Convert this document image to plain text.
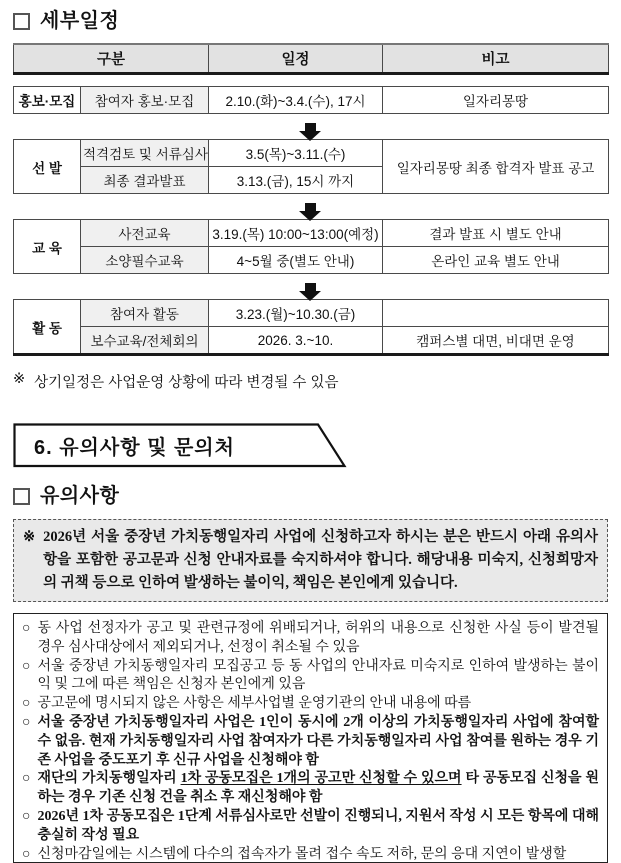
세부일정
구분	일정	비고
홍보·모집	참여자 홍보·모집	2.10.(화)~3.4.(수), 17시	일자리몽땅
선 발	적격검토 및 서류심사	3.5(목)~3.11.(수)	일자리몽땅 최종 합격자 발표 공고
	최종 결과발표	3.13.(금), 15시 까지	
교 육	사전교육	3.19.(목) 10:00~13:00(예정)	결과 발표 시 별도 안내
	소양필수교육	4~5월 중(별도 안내)	온라인 교육 별도 안내
활 동	참여자 활동	3.23.(월)~10.30.(금)	
	보수교육/전체회의	2026. 3.~10.	캠퍼스별 대면, 비대면 운영
※ 상기일정은 사업운영 상황에 따라 변경될 수 있음
6. 유의사항 및 문의처
유의사항
※ 2026년 서울 중장년 가치동행일자리 사업에 신청하고자 하시는 분은 반드시 아래 유의사항을 포함한 공고문과 신청 안내자료를 숙지하셔야 합니다. 해당내용 미숙지, 신청희망자의 귀책 등으로 인하여 발생하는 불이익, 책임은 본인에게 있습니다.
○ 동 사업 선정자가 공고 및 관련규정에 위배되거나, 허위의 내용으로 신청한 사실 등이 발견될 경우 심사대상에서 제외되거나, 선정이 취소될 수 있음
○ 서울 중장년 가치동행일자리 모집공고 등 동 사업의 안내자료 미숙지로 인하여 발생하는 불이익 및 그에 따른 책임은 신청자 본인에게 있음
○ 공고문에 명시되지 않은 사항은 세부사업별 운영기관의 안내 내용에 따름
○ 서울 중장년 가치동행일자리 사업은 1인이 동시에 2개 이상의 가치동행일자리 사업에 참여할 수 없음. 현재 가치동행일자리 사업 참여자가 다른 가치동행일자리 사업 참여를 원하는 경우 기존 사업을 중도포기 후 신규 사업을 신청해야 함
○ 재단의 가치동행일자리 1차 공동모집은 1개의 공고만 신청할 수 있으며 타 공동모집 신청을 원하는 경우 기존 신청 건을 취소 후 재신청해야 함
○ 2026년 1차 공동모집은 1단계 서류심사로만 선발이 진행되니, 지원서 작성 시 모든 항목에 대해 충실히 작성 필요
○ 신청마감일에는 시스템에 다수의 접속자가 몰려 접수 속도 저하, 문의 응대 지연이 발생할
